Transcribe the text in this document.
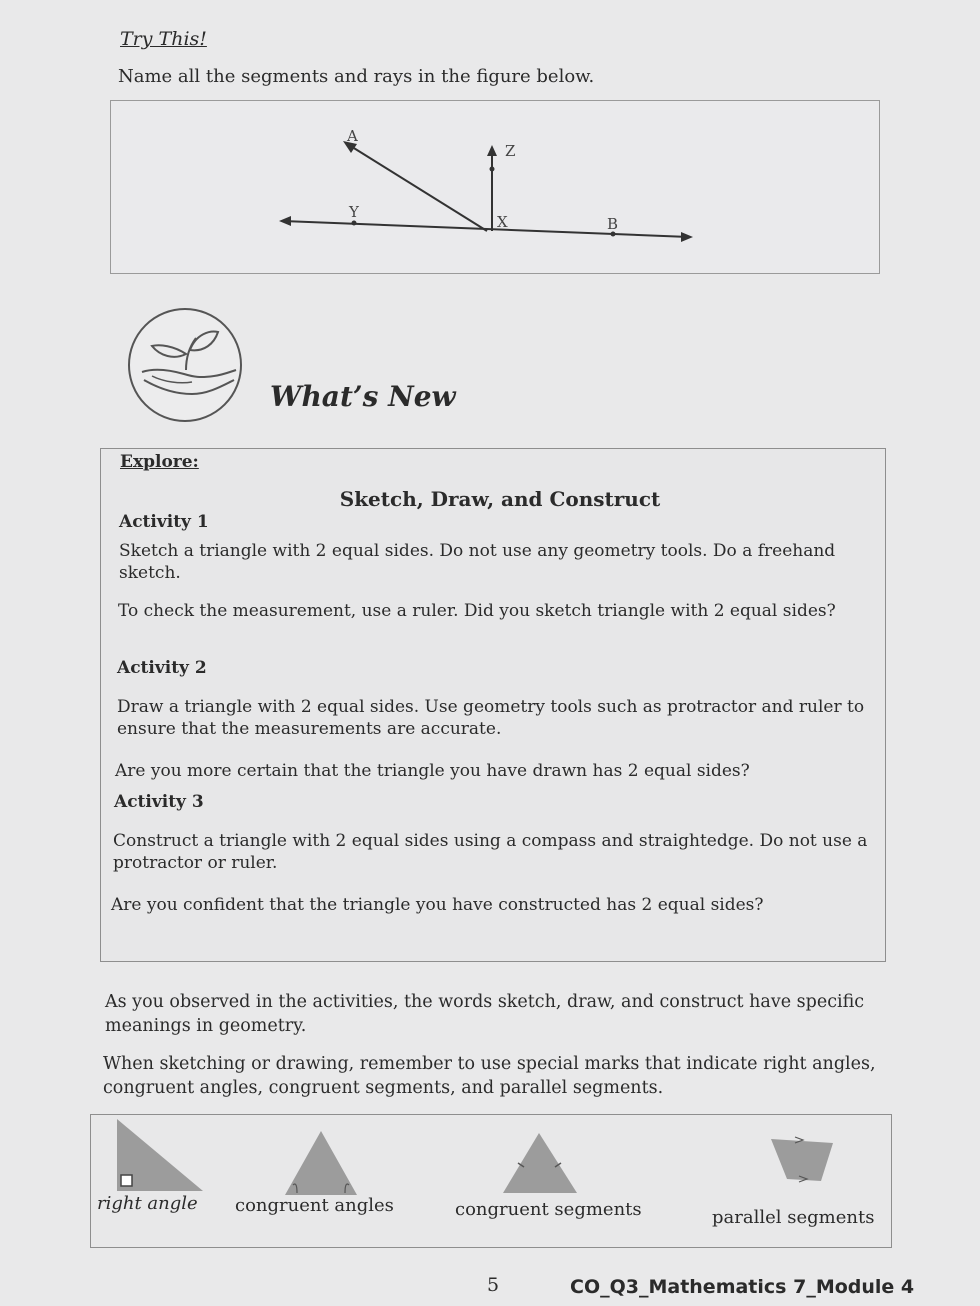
Try This!
Name all the segments and rays in the figure below.
A
Z
Y
X	B
What’s New
Explore:
Sketch, Draw, and Construct
Activity 1
Sketch a triangle with 2 equal sides. Do not use any geometry tools. Do a freehand sketch.
To check the measurement, use a ruler. Did you sketch triangle with 2 equal sides?
Activity 2
Draw a triangle with 2 equal sides. Use geometry tools such as protractor and ruler to ensure that the measurements are accurate.
Are you more certain that the triangle you have drawn has 2 equal sides?
Activity 3
Construct a triangle with 2 equal sides using a compass and straightedge. Do not use a protractor or ruler.
Are you confident that the triangle you have constructed has 2 equal sides?
As you observed in the activities, the words sketch, draw, and construct have specific meanings in geometry.
When sketching or drawing, remember to use special marks that indicate right angles, congruent angles, congruent segments, and parallel segments.
right angle congruent angles	congruent segments	parallel segments
5	CO_Q3_Mathematics 7_Module 4
